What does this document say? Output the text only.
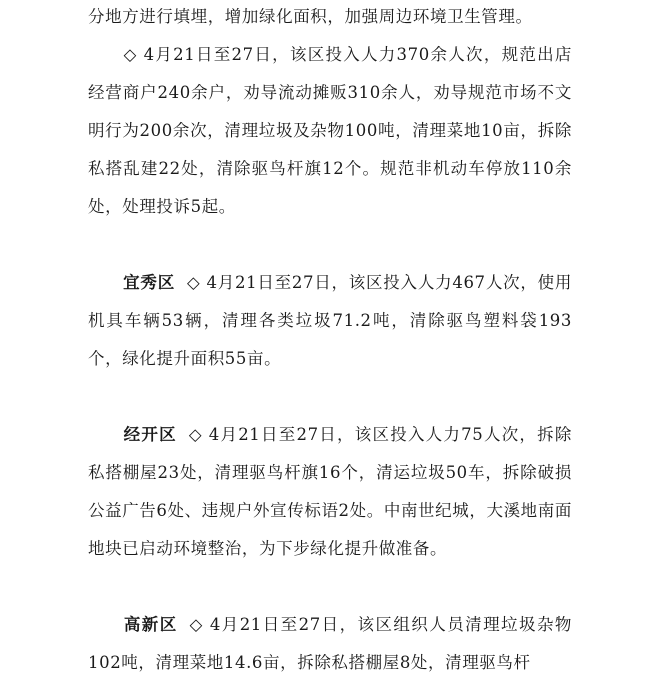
分地方进行填埋，增加绿化面积，加强周边环境卫生管理。

◇ 4月21日至27日，该区投入人力370余人次，规范出店经营商户240余户，劝导流动摊贩310余人，劝导规范市场不文明行为200余次，清理垃圾及杂物100吨，清理菜地10亩，拆除私搭乱建22处，清除驱鸟杆旗12个。规范非机动车停放110余处，处理投诉5起。

宜秀区 ◇ 4月21日至27日，该区投入人力467人次，使用机具车辆53辆，清理各类垃圾71.2吨，清除驱鸟塑料袋193个，绿化提升面积55亩。

经开区 ◇ 4月21日至27日，该区投入人力75人次，拆除私搭棚屋23处，清理驱鸟杆旗16个，清运垃圾50车，拆除破损公益广告6处、违规户外宣传标语2处。中南世纪城，大溪地南面地块已启动环境整治，为下步绿化提升做准备。

高新区 ◇ 4月21日至27日，该区组织人员清理垃圾杂物102吨，清理菜地14.6亩，拆除私搭棚屋8处，清理驱鸟杆
